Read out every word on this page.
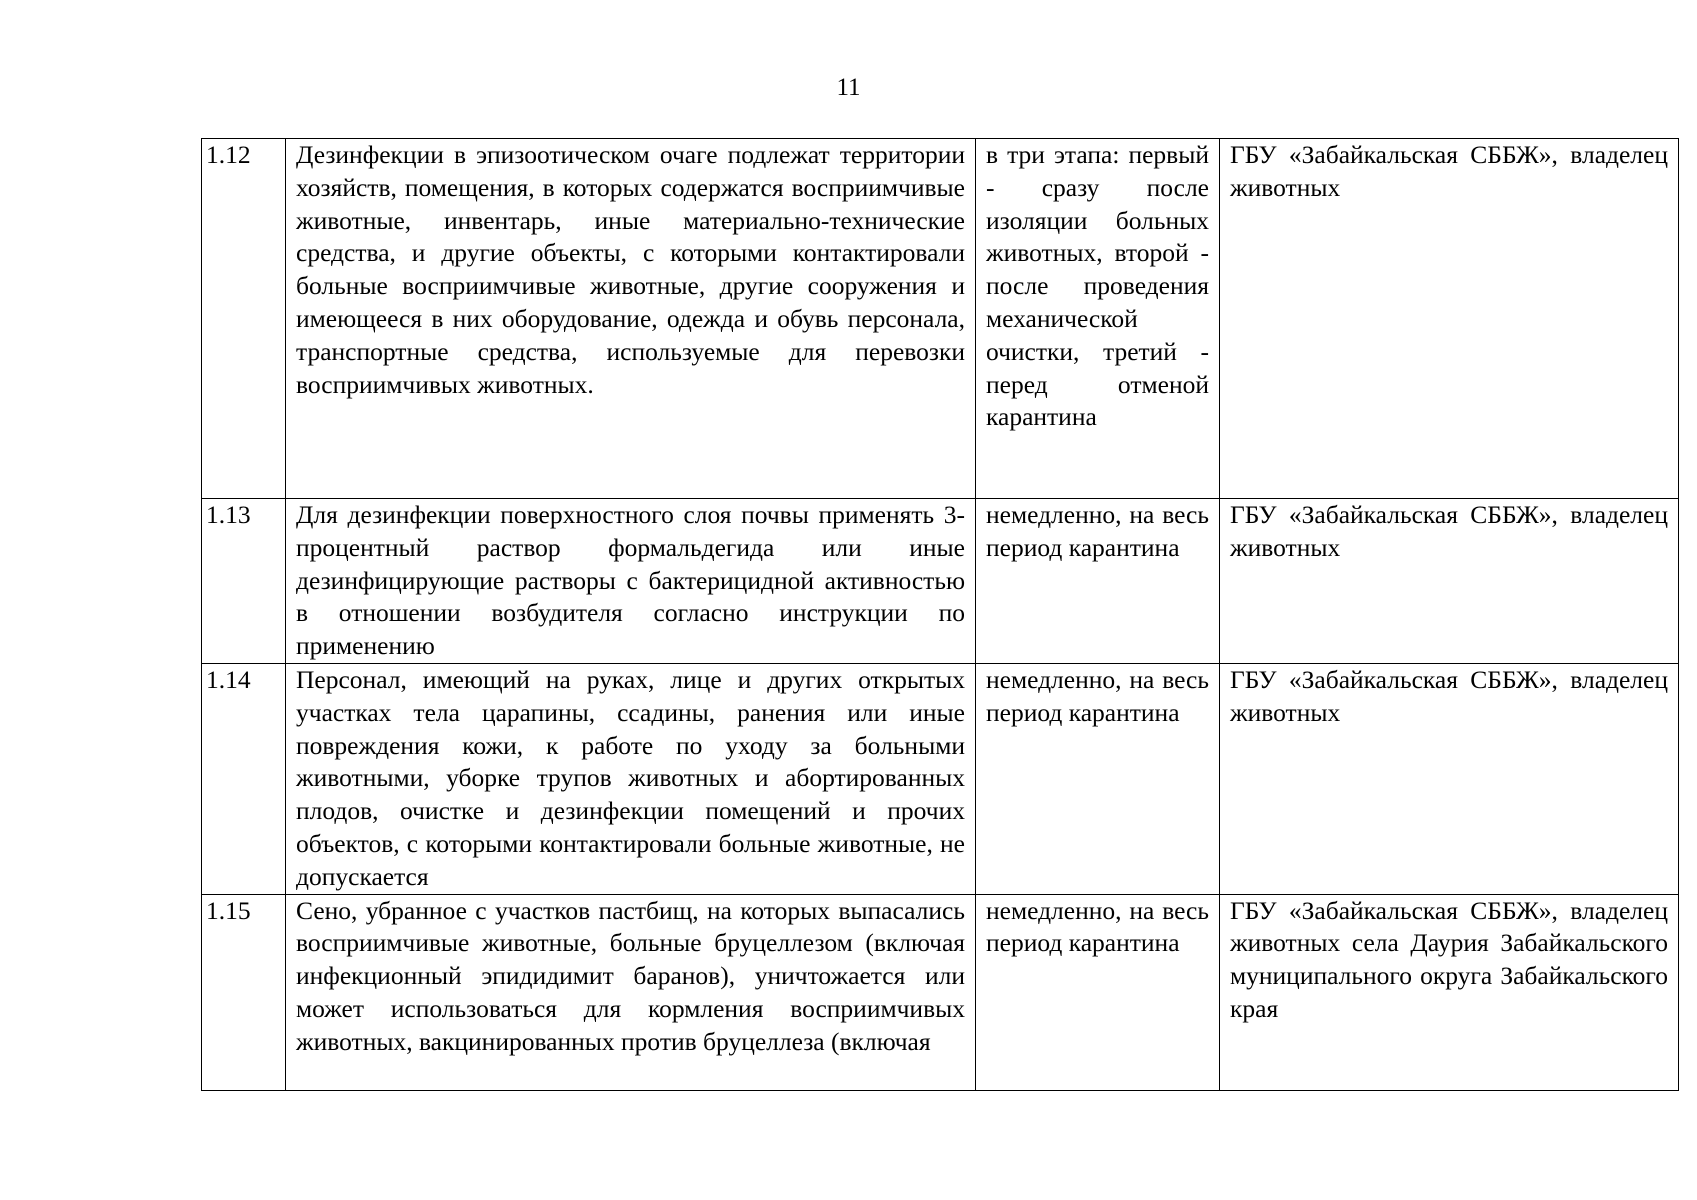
11
1.12	Дезинфекции в эпизоотическом очаге подлежат территории хозяйств, помещения, в которых содержатся восприимчивые животные, инвентарь, иные материально-технические средства, и другие объекты, с которыми контактировали больные восприимчивые животные, другие сооружения и имеющееся в них оборудование, одежда и обувь персонала, транспортные средства, используемые для перевозки восприимчивых животных.	в три этапа: первый - сразу после изоляции больных животных, второй - после проведения механической очистки, третий - перед отменой карантина	ГБУ «Забайкальская СББЖ», владелец животных
1.13	Для дезинфекции поверхностного слоя почвы применять 3-процентный раствор формальдегида или иные дезинфицирующие растворы с бактерицидной активностью в отношении возбудителя согласно инструкции по применению	немедленно, на весь период карантина	ГБУ «Забайкальская СББЖ», владелец животных
1.14	Персонал, имеющий на руках, лице и других открытых участках тела царапины, ссадины, ранения или иные повреждения кожи, к работе по уходу за больными животными, уборке трупов животных и абортированных плодов, очистке и дезинфекции помещений и прочих объектов, с которыми контактировали больные животные, не допускается	немедленно, на весь период карантина	ГБУ «Забайкальская СББЖ», владелец животных
1.15	Сено, убранное с участков пастбищ, на которых выпасались восприимчивые животные, больные бруцеллезом (включая инфекционный эпидидимит баранов), уничтожается или может использоваться для кормления восприимчивых животных, вакцинированных против бруцеллеза (включая	немедленно, на весь период карантина	ГБУ «Забайкальская СББЖ», владелец животных села Даурия Забайкальского муниципального округа Забайкальского края
